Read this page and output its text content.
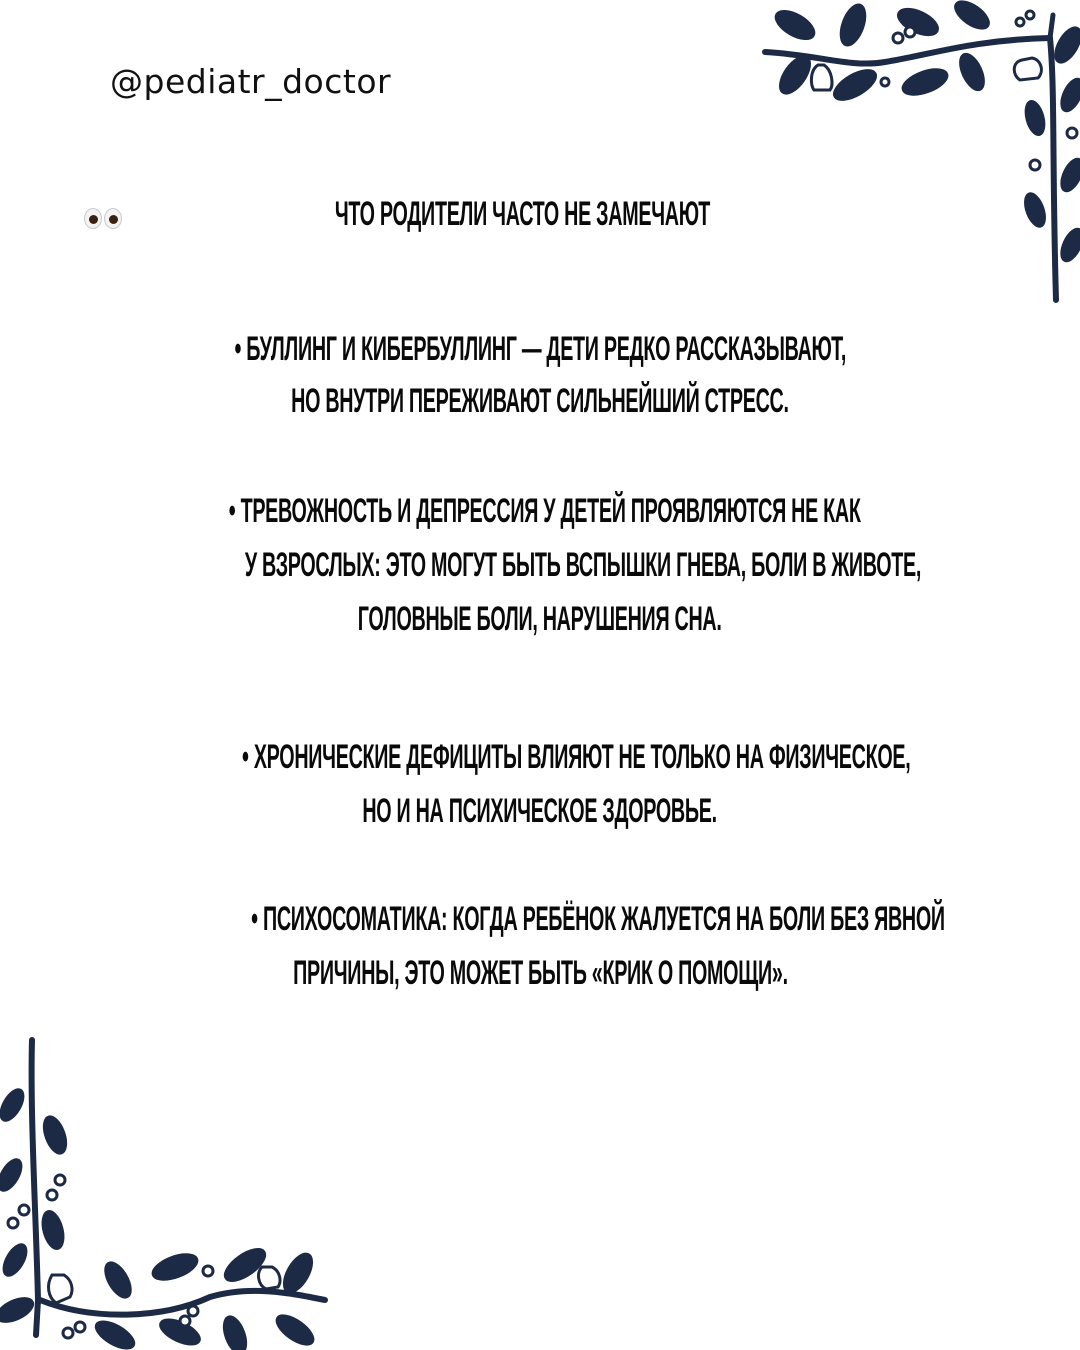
@pediatr_doctor
ЧТО РОДИТЕЛИ ЧАСТО НЕ ЗАМЕЧАЮТ
• БУЛЛИНГ И КИБЕРБУЛЛИНГ — ДЕТИ РЕДКО РАССКАЗЫВАЮТ,
НО ВНУТРИ ПЕРЕЖИВАЮТ СИЛЬНЕЙШИЙ СТРЕСС.
• ТРЕВОЖНОСТЬ И ДЕПРЕССИЯ У ДЕТЕЙ ПРОЯВЛЯЮТСЯ НЕ КАК
У ВЗРОСЛЫХ: ЭТО МОГУТ БЫТЬ ВСПЫШКИ ГНЕВА, БОЛИ В ЖИВОТЕ,
ГОЛОВНЫЕ БОЛИ, НАРУШЕНИЯ СНА.
• ХРОНИЧЕСКИЕ ДЕФИЦИТЫ ВЛИЯЮТ НЕ ТОЛЬКО НА ФИЗИЧЕСКОЕ,
НО И НА ПСИХИЧЕСКОЕ ЗДОРОВЬЕ.
• ПСИХОСОМАТИКА: КОГДА РЕБЁНОК ЖАЛУЕТСЯ НА БОЛИ БЕЗ ЯВНОЙ
ПРИЧИНЫ, ЭТО МОЖЕТ БЫТЬ «КРИК О ПОМОЩИ».
